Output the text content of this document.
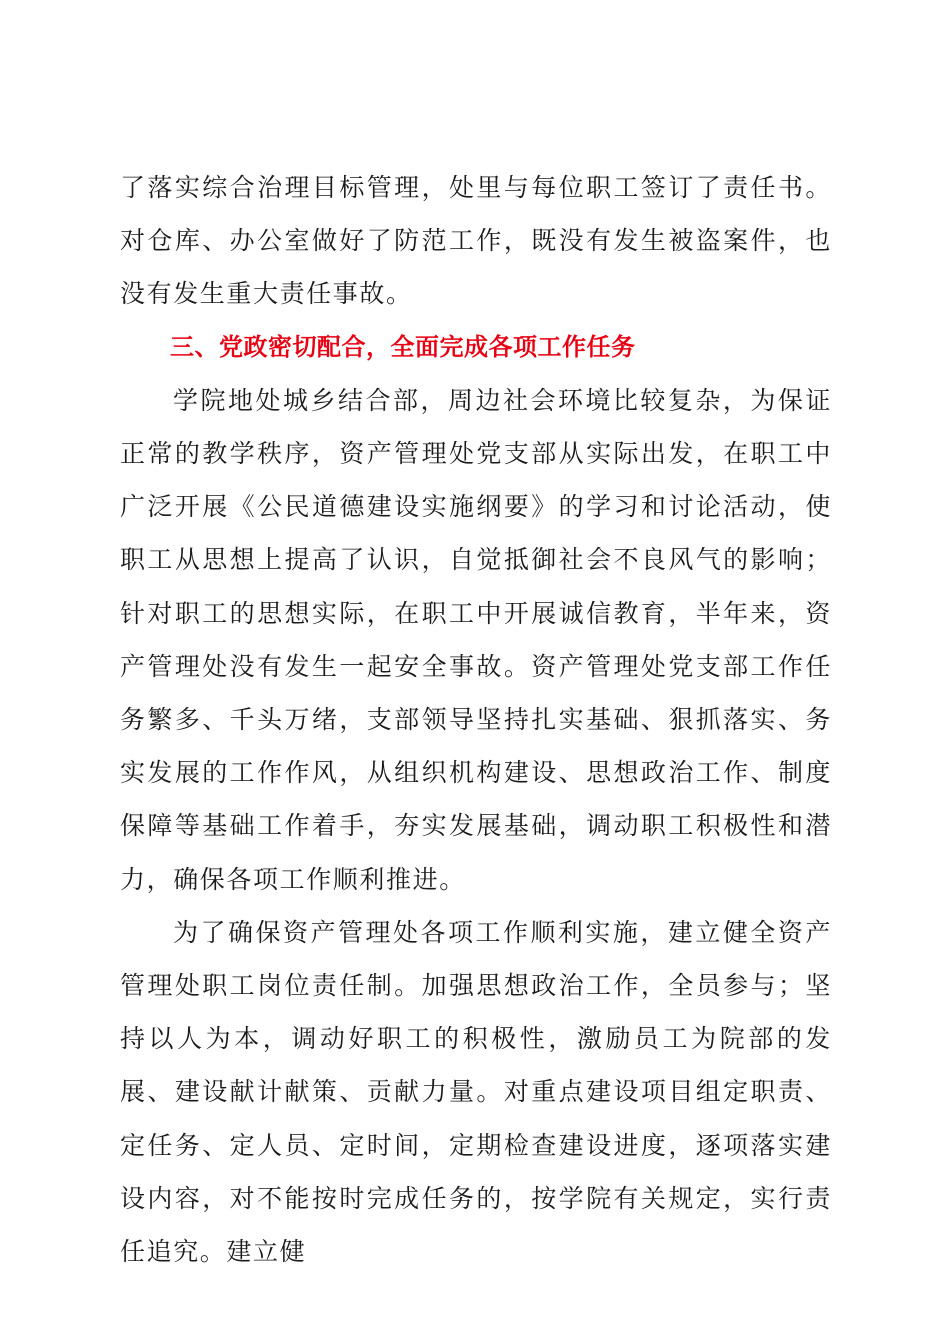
了落实综合治理目标管理，处里与每位职工签订了责任书。对仓库、办公室做好了防范工作，既没有发生被盗案件，也没有发生重大责任事故。

三、党政密切配合，全面完成各项工作任务

学院地处城乡结合部，周边社会环境比较复杂，为保证正常的教学秩序，资产管理处党支部从实际出发，在职工中广泛开展《公民道德建设实施纲要》的学习和讨论活动，使职工从思想上提高了认识，自觉抵御社会不良风气的影响；针对职工的思想实际，在职工中开展诚信教育，半年来，资产管理处没有发生一起安全事故。资产管理处党支部工作任务繁多、千头万绪，支部领导坚持扎实基础、狠抓落实、务实发展的工作作风，从组织机构建设、思想政治工作、制度保障等基础工作着手，夯实发展基础，调动职工积极性和潜力，确保各项工作顺利推进。

为了确保资产管理处各项工作顺利实施，建立健全资产管理处职工岗位责任制。加强思想政治工作，全员参与；坚持以人为本，调动好职工的积极性，激励员工为院部的发展、建设献计献策、贡献力量。对重点建设项目组定职责、定任务、定人员、定时间，定期检查建设进度，逐项落实建设内容，对不能按时完成任务的，按学院有关规定，实行责任追究。建立健
